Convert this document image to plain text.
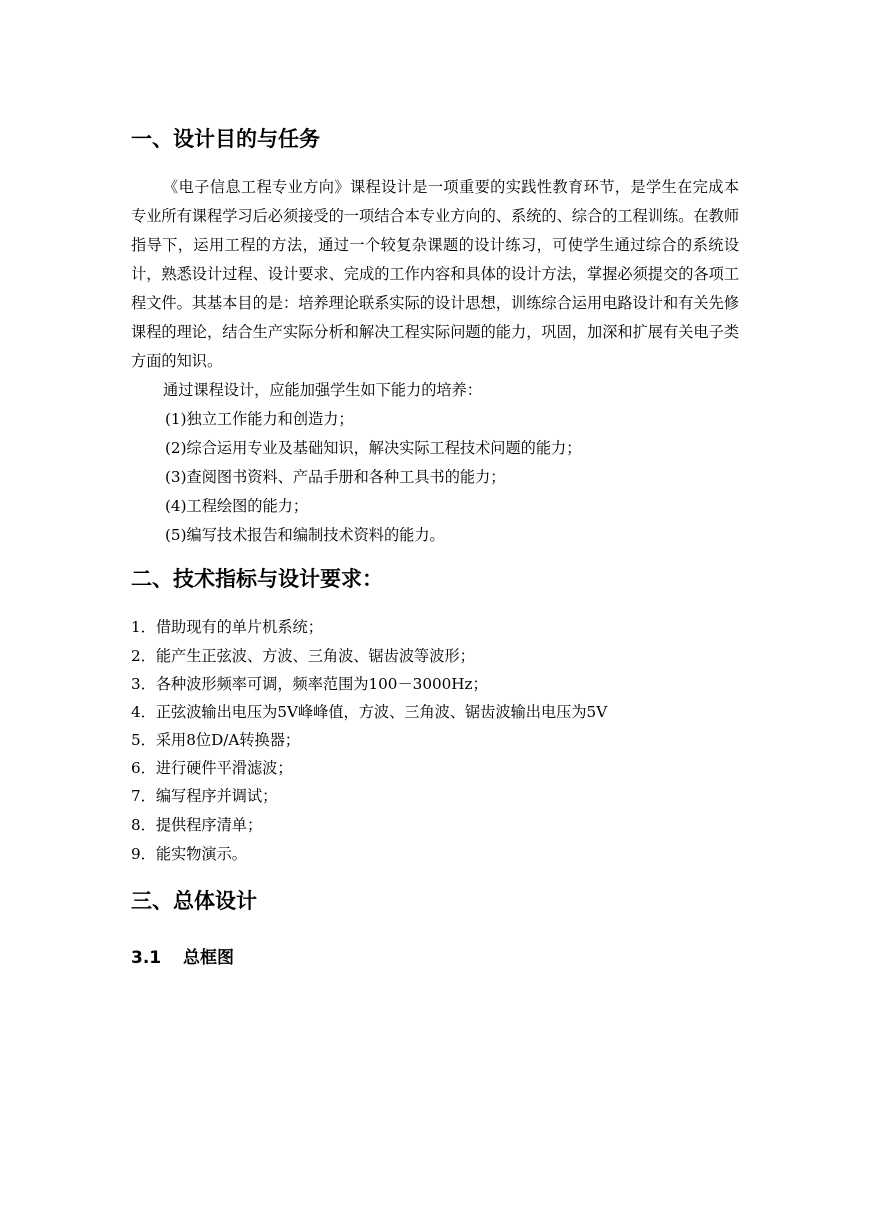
一、设计目的与任务

《电子信息工程专业方向》课程设计是一项重要的实践性教育环节，是学生在完成本专业所有课程学习后必须接受的一项结合本专业方向的、系统的、综合的工程训练。在教师指导下，运用工程的方法，通过一个较复杂课题的设计练习，可使学生通过综合的系统设计，熟悉设计过程、设计要求、完成的工作内容和具体的设计方法，掌握必须提交的各项工程文件。其基本目的是：培养理论联系实际的设计思想，训练综合运用电路设计和有关先修课程的理论，结合生产实际分析和解决工程实际问题的能力，巩固，加深和扩展有关电子类方面的知识。

通过课程设计，应能加强学生如下能力的培养：

(1)独立工作能力和创造力；

(2)综合运用专业及基础知识，解决实际工程技术问题的能力；

(3)查阅图书资料、产品手册和各种工具书的能力；

(4)工程绘图的能力；

(5)编写技术报告和编制技术资料的能力。

二、技术指标与设计要求：

1．借助现有的单片机系统；

2．能产生正弦波、方波、三角波、锯齿波等波形；

3．各种波形频率可调，频率范围为100－3000Hz；

4．正弦波输出电压为5V峰峰值，方波、三角波、锯齿波输出电压为5V

5．采用8位D/A转换器；

6．进行硬件平滑滤波；

7．编写程序并调试；

8．提供程序清单；

9．能实物演示。

三、总体设计
3.1 总框图
